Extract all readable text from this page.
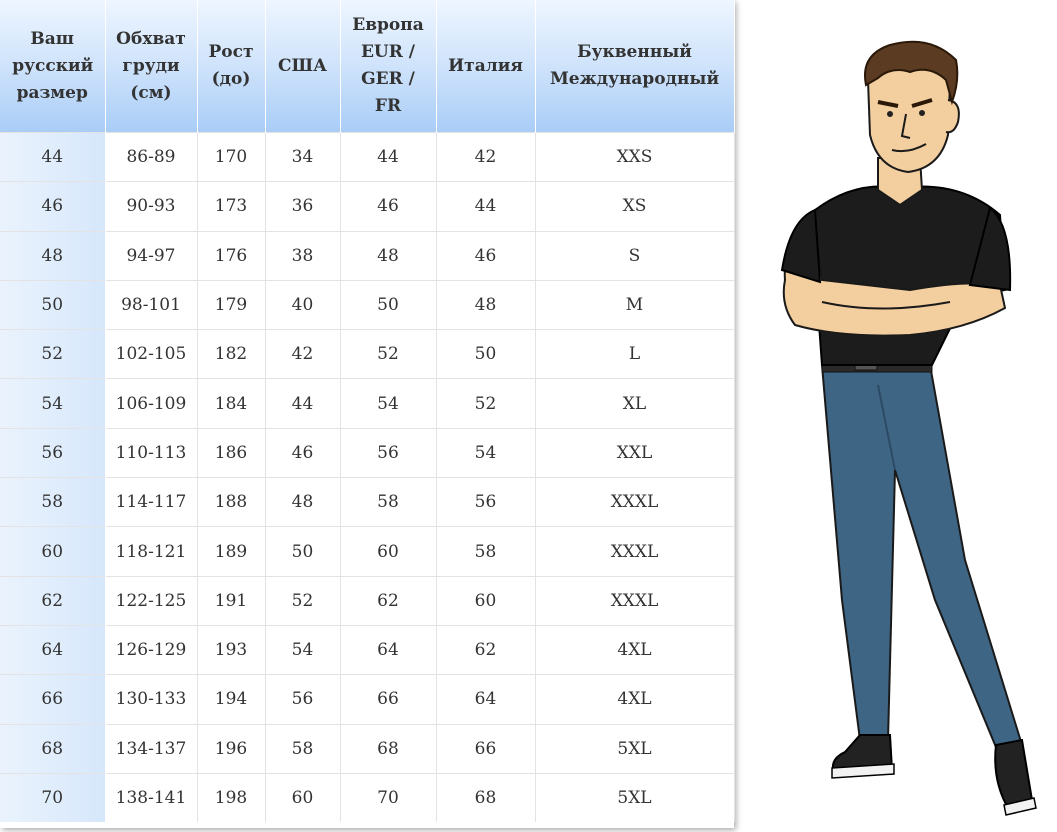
Ваш русский размер	Обхват груди (см)	Рост (до)	США	Европа EUR / GER / FR	Италия	Буквенный Международный

44	86-89	170	34	44	42	XXS
46	90-93	173	36	46	44	XS
48	94-97	176	38	48	46	S
50	98-101	179	40	50	48	M
52	102-105	182	42	52	50	L
54	106-109	184	44	54	52	XL
56	110-113	186	46	56	54	XXL
58	114-117	188	48	58	56	XXXL
60	118-121	189	50	60	58	XXXL
62	122-125	191	52	62	60	XXXL
64	126-129	193	54	64	62	4XL
66	130-133	194	56	66	64	4XL
68	134-137	196	58	68	66	5XL
70	138-141	198	60	70	68	5XL
